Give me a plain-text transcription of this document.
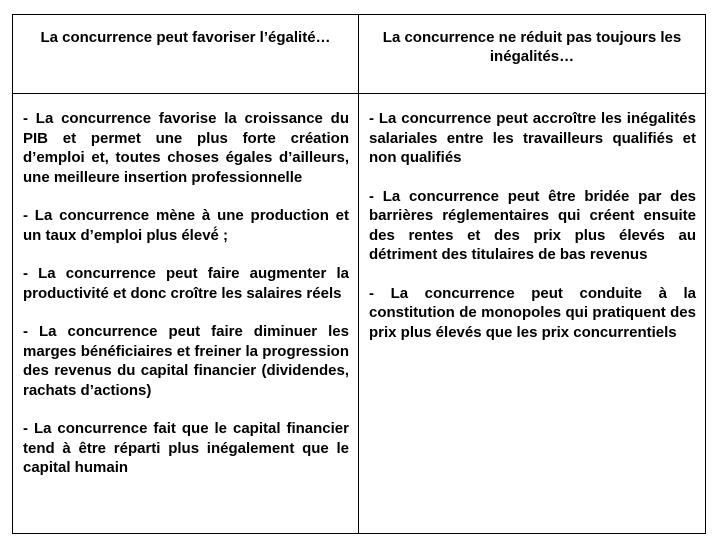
La concurrence peut favoriser l’égalité…	La concurrence ne réduit pas toujours les inégalités…

- La concurrence favorise la croissance du PIB et permet une plus forte création d’emploi et, toutes choses égales d’ailleurs, une meilleure insertion professionnelle

- La concurrence mène à une production et un taux d’emploi plus élevé́ ;

- La concurrence peut faire augmenter la productivité et donc croître les salaires réels

- La concurrence peut faire diminuer les marges bénéficiaires et freiner la progression des revenus du capital financier (dividendes, rachats d’actions)

- La concurrence fait que le capital financier tend à être réparti plus inégalement que le capital humain

- La concurrence peut accroître les inégalités salariales entre les travailleurs qualifiés et non qualifiés

- La concurrence peut être bridée par des barrières réglementaires qui créent ensuite des rentes et des prix plus élevés au détriment des titulaires de bas revenus

- La concurrence peut conduite à la constitution de monopoles qui pratiquent des prix plus élevés que les prix concurrentiels
